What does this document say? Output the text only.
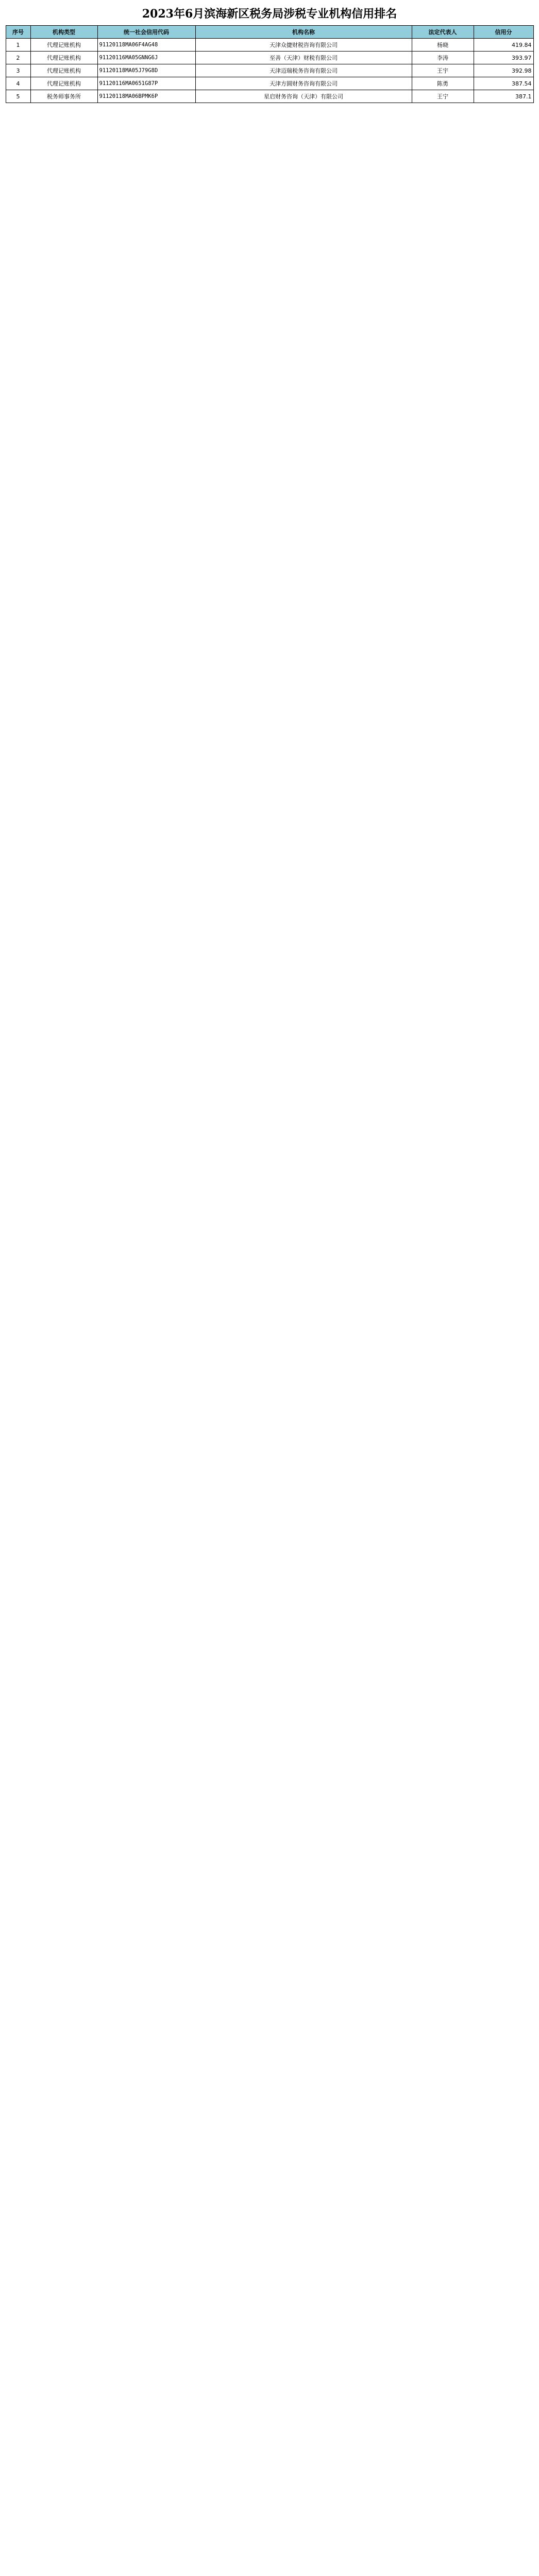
2023年6月滨海新区税务局涉税专业机构信用排名
序号	机构类型	统一社会信用代码	机构名称	法定代表人	信用分
1	代理记账机构	91120118MA06F4AG48	天津众捷财税咨询有限公司	杨晓	419.84
2	代理记账机构	91120116MA05GNNG6J	至善（天津）财税有限公司	李涛	393.97
3	代理记账机构	91120118MA05J79G8D	天津迈瑞税务咨询有限公司	王宇	392.98
4	代理记账机构	91120116MA0651G87P	天津方圆财务咨询有限公司	陈勇	387.54
5	税务师事务所	91120118MA06BPMK6P	星启财务咨询（天津）有限公司	王宁	387.1
